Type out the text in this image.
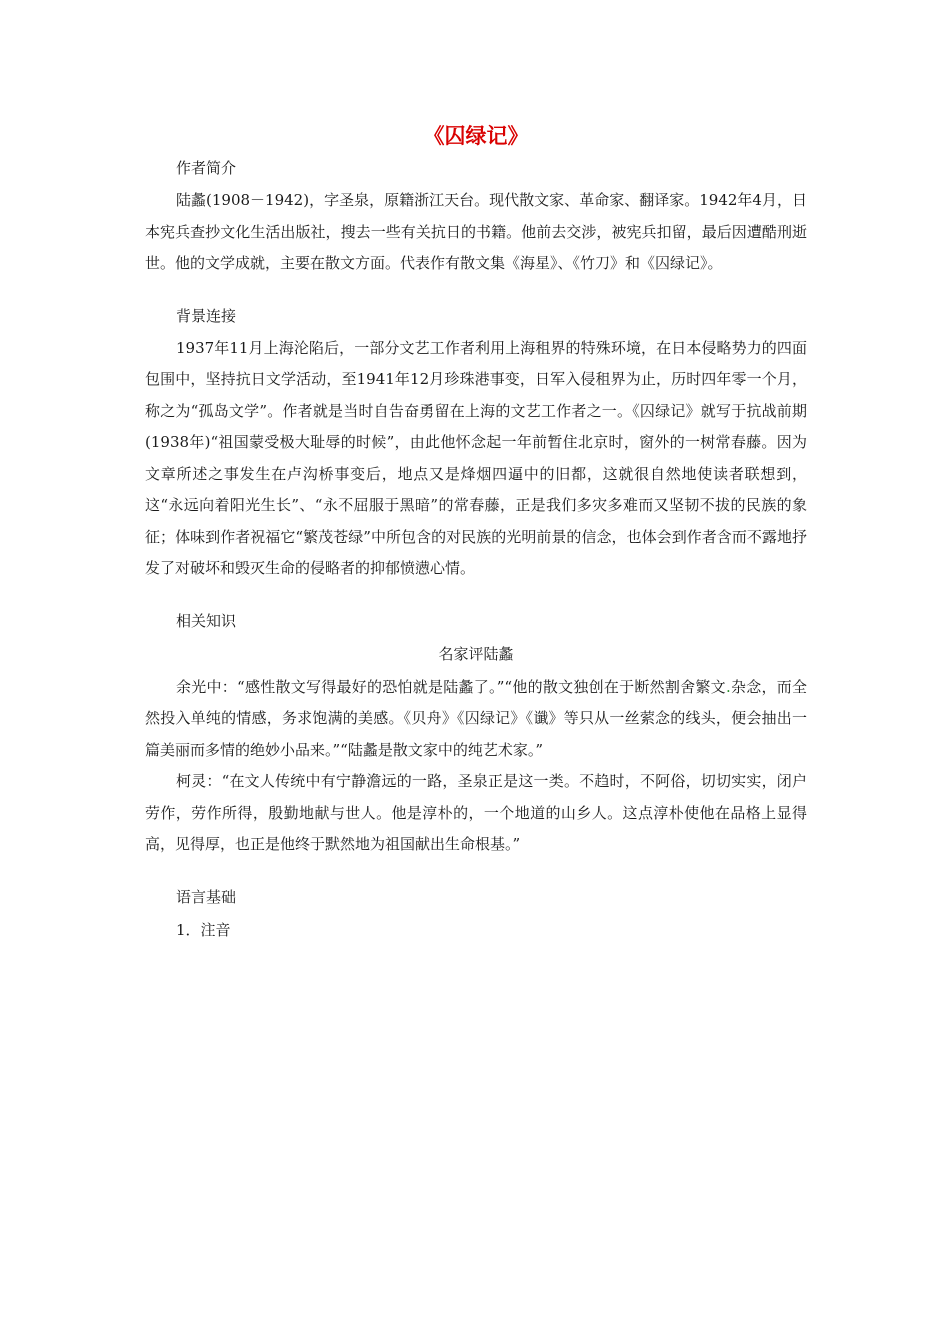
《囚绿记》

作者简介

陆蠡(1908－1942)，字圣泉，原籍浙江天台。现代散文家、革命家、翻译家。1942年4月，日本宪兵查抄文化生活出版社，搜去一些有关抗日的书籍。他前去交涉，被宪兵扣留，最后因遭酷刑逝世。他的文学成就，主要在散文方面。代表作有散文集《海星》、《竹刀》和《囚绿记》。

背景连接

1937年11月上海沦陷后，一部分文艺工作者利用上海租界的特殊环境，在日本侵略势力的四面包围中，坚持抗日文学活动，至1941年12月珍珠港事变，日军入侵租界为止，历时四年零一个月，称之为“孤岛文学”。作者就是当时自告奋勇留在上海的文艺工作者之一。《囚绿记》就写于抗战前期(1938年)“祖国蒙受极大耻辱的时候”，由此他怀念起一年前暂住北京时，窗外的一树常春藤。因为文章所述之事发生在卢沟桥事变后，地点又是烽烟四逼中的旧都，这就很自然地使读者联想到，这“永远向着阳光生长”、“永不屈服于黑暗”的常春藤，正是我们多灾多难而又坚韧不拔的民族的象征；体味到作者祝福它“繁茂苍绿”中所包含的对民族的光明前景的信念，也体会到作者含而不露地抒发了对破坏和毁灭生命的侵略者的抑郁愤懑心情。

相关知识

名家评陆蠡

余光中：“感性散文写得最好的恐怕就是陆蠡了。”“他的散文独创在于断然割舍繁文.杂念，而全然投入单纯的情感，务求饱满的美感。《贝舟》《囚绿记》《谶》等只从一丝萦念的线头，便会抽出一篇美丽而多情的绝妙小品来。”“陆蠡是散文家中的纯艺术家。”

柯灵：“在文人传统中有宁静澹远的一路，圣泉正是这一类。不趋时，不阿俗，切切实实，闭户劳作，劳作所得，殷勤地献与世人。他是淳朴的，一个地道的山乡人。这点淳朴使他在品格上显得高，见得厚，也正是他终于默然地为祖国献出生命根基。”

语言基础

1．注音
